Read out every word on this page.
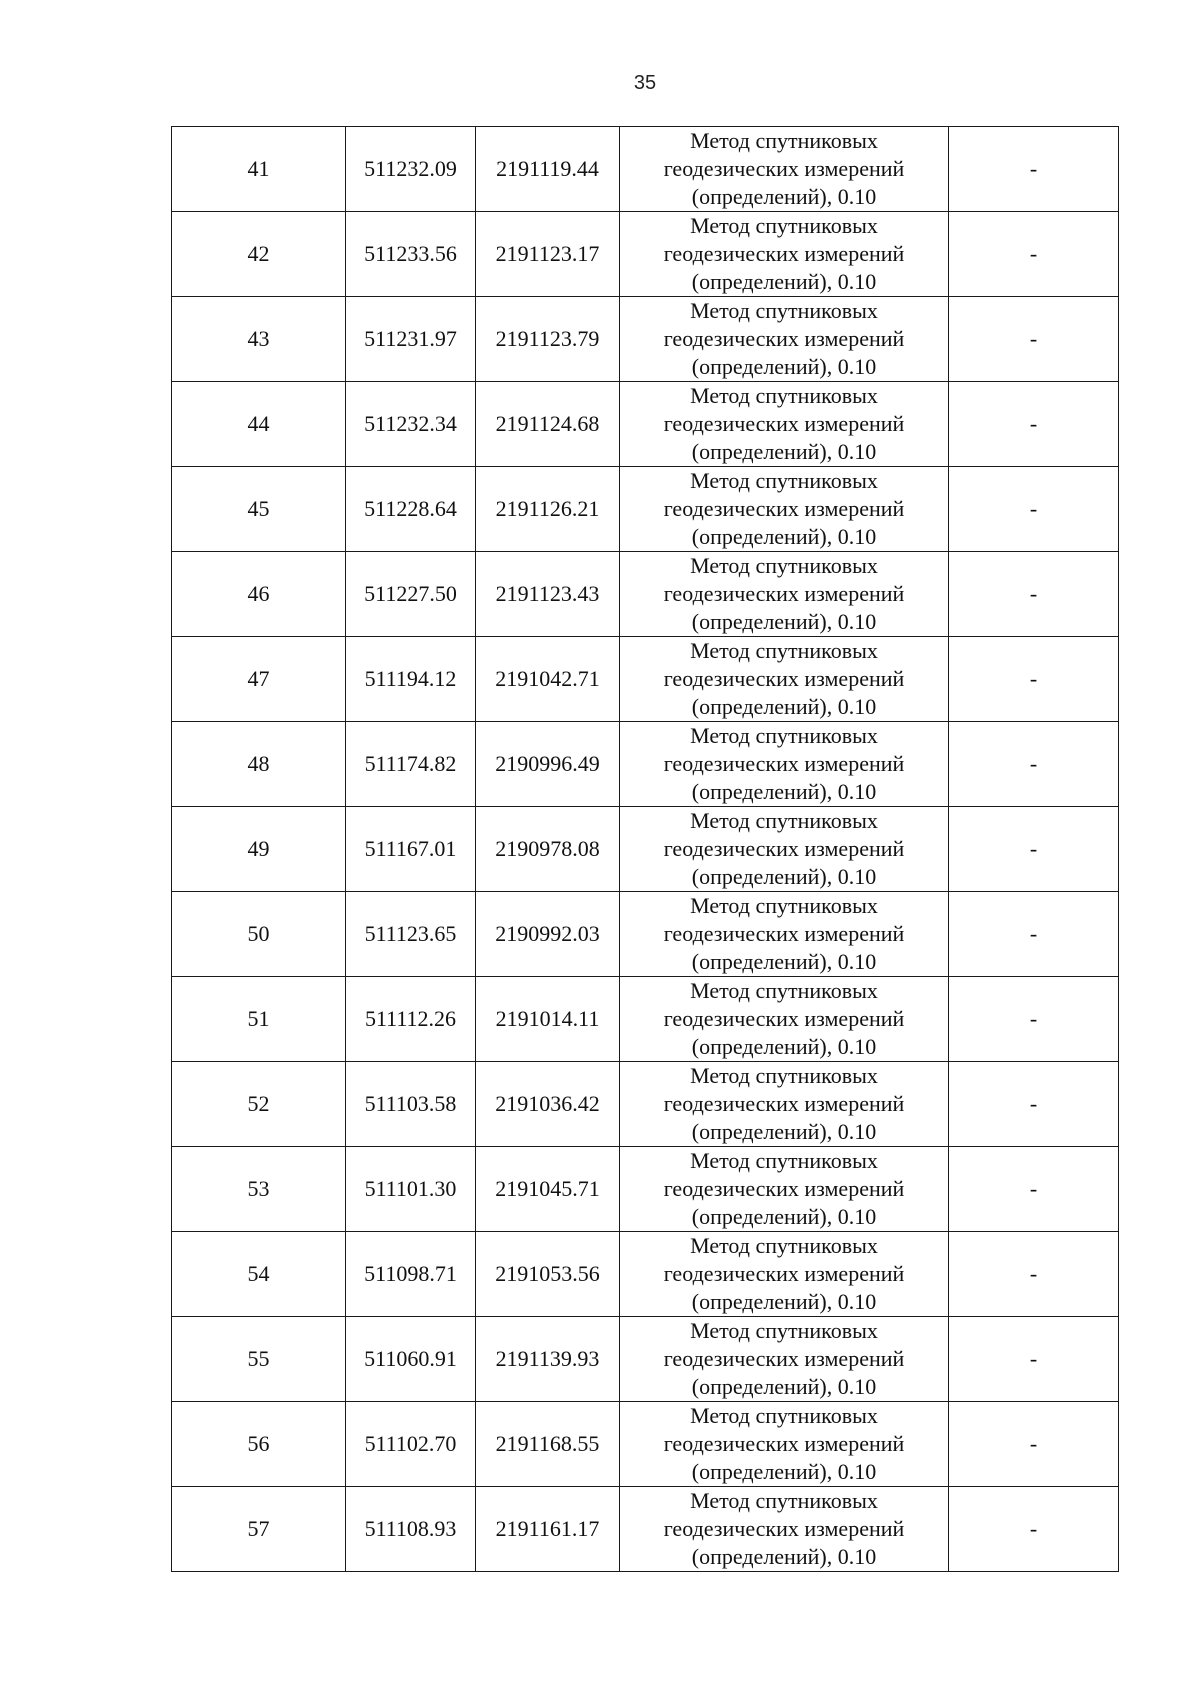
35
41	511232.09	2191119.44	Метод спутниковых
геодезических измерений
(определений), 0.10	-
42	511233.56	2191123.17	Метод спутниковых
геодезических измерений
(определений), 0.10	-
43	511231.97	2191123.79	Метод спутниковых
геодезических измерений
(определений), 0.10	-
44	511232.34	2191124.68	Метод спутниковых
геодезических измерений
(определений), 0.10	-
45	511228.64	2191126.21	Метод спутниковых
геодезических измерений
(определений), 0.10	-
46	511227.50	2191123.43	Метод спутниковых
геодезических измерений
(определений), 0.10	-
47	511194.12	2191042.71	Метод спутниковых
геодезических измерений
(определений), 0.10	-
48	511174.82	2190996.49	Метод спутниковых
геодезических измерений
(определений), 0.10	-
49	511167.01	2190978.08	Метод спутниковых
геодезических измерений
(определений), 0.10	-
50	511123.65	2190992.03	Метод спутниковых
геодезических измерений
(определений), 0.10	-
51	511112.26	2191014.11	Метод спутниковых
геодезических измерений
(определений), 0.10	-
52	511103.58	2191036.42	Метод спутниковых
геодезических измерений
(определений), 0.10	-
53	511101.30	2191045.71	Метод спутниковых
геодезических измерений
(определений), 0.10	-
54	511098.71	2191053.56	Метод спутниковых
геодезических измерений
(определений), 0.10	-
55	511060.91	2191139.93	Метод спутниковых
геодезических измерений
(определений), 0.10	-
56	511102.70	2191168.55	Метод спутниковых
геодезических измерений
(определений), 0.10	-
57	511108.93	2191161.17	Метод спутниковых
геодезических измерений
(определений), 0.10	-
